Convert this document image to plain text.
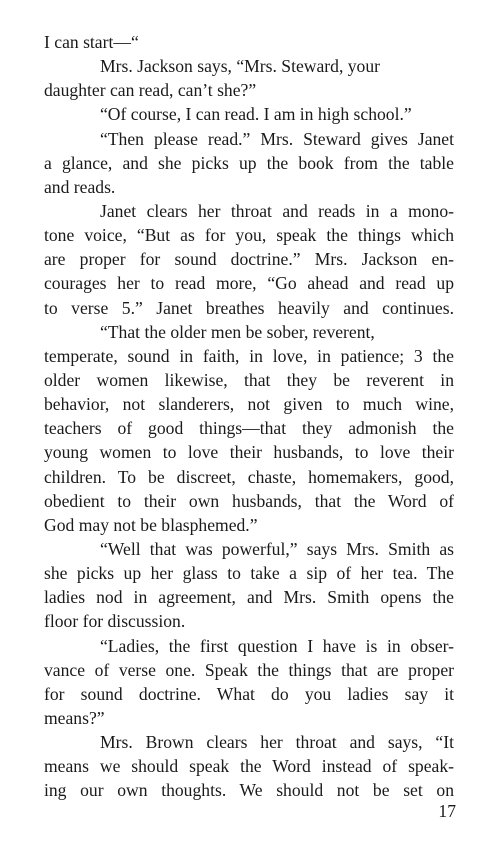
I can start—“
Mrs. Jackson says, “Mrs. Steward, your
daughter can read, can’t she?”
“Of course, I can read. I am in high school.”
“Then please read.” Mrs. Steward gives Janet
a glance, and she picks up the book from the table
and reads.
Janet clears her throat and reads in a mono-
tone voice, “But as for you, speak the things which
are proper for sound doctrine.” Mrs. Jackson en-
courages her to read more, “Go ahead and read up
to verse 5.” Janet breathes heavily and continues.
“That the older men be sober, reverent,
temperate, sound in faith, in love, in patience; 3 the
older women likewise, that they be reverent in
behavior, not slanderers, not given to much wine,
teachers of good things—that they admonish the
young women to love their husbands, to love their
children. To be discreet, chaste, homemakers, good,
obedient to their own husbands, that the Word of
God may not be blasphemed.”
“Well that was powerful,” says Mrs. Smith as
she picks up her glass to take a sip of her tea. The
ladies nod in agreement, and Mrs. Smith opens the
floor for discussion.
“Ladies, the first question I have is in obser-
vance of verse one. Speak the things that are proper
for sound doctrine. What do you ladies say it
means?”
Mrs. Brown clears her throat and says, “It
means we should speak the Word instead of speak-
ing our own thoughts. We should not be set on
17
